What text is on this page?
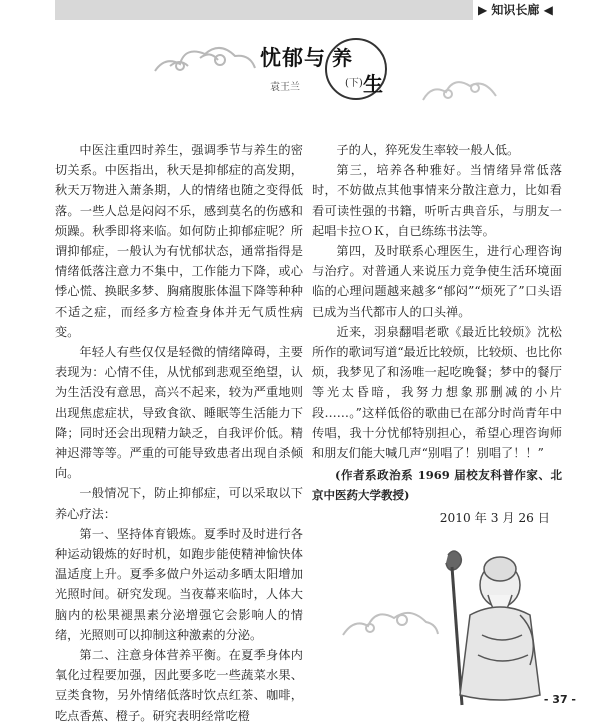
▶ 知识长廊 ◀
忧郁与
袁王兰
养
(下) 生

中医注重四时养生，强调季节与养生的密切关系。中医指出，秋天是抑郁症的高发期，秋天万物进入萧条期，人的情绪也随之变得低落。一些人总是闷闷不乐，感到莫名的伤感和烦躁。秋季即将来临。如何防止抑郁症呢？所谓抑郁症，一般认为有忧郁状态，通常指得是情绪低落注意力不集中，工作能力下降，或心悸心慌、换眠多梦、胸痛腹胀体温下降等种种不适之症，而经多方检查身体并无气质性病变。

年轻人有些仅仅是轻微的情绪障碍，主要表现为：心情不佳，从忧郁到悲观至绝望，认为生活没有意思，高兴不起来，较为严重地则出现焦虑症状，导致食欲、睡眠等生活能力下降；同时还会出现精力缺乏，自我评价低。精神迟滞等等。严重的可能导致患者出现自杀倾向。

一般情况下，防止抑郁症，可以采取以下养心疗法：

第一、坚持体育锻炼。夏季时及时进行各种运动锻炼的好时机，如跑步能使精神愉快体温适度上升。夏季多做户外运动多晒太阳增加光照时间。研究发现。当夜幕来临时，人体大脑内的松果褪黑素分泌增强它会影响人的情绪，光照则可以抑制这种激素的分泌。

第二、注意身体营养平衡。在夏季身体内氧化过程要加强，因此要多吃一些蔬菜水果、豆类食物，另外情绪低落时饮点红茶、咖啡，吃点香蕉、橙子。研究表明经常吃橙

子的人，猝死发生率较一般人低。

第三，培养各种雅好。当情绪异常低落时，不妨做点其他事情来分散注意力，比如看看可读性强的书籍，听听古典音乐，与朋友一起唱卡拉ＯＫ，自已练练书法等。

第四，及时联系心理医生，进行心理咨询与治疗。对普通人来说压力竞争使生活环境面临的心理问题越来越多“郁闷”“烦死了”口头语已成为当代都市人的口头禅。

近来，羽泉翻唱老歌《最近比较烦》沈松所作的歌词写道“最近比较烦，比较烦、也比你烦，我梦见了和汤唯一起吃晚餐；梦中的餐厅等光太昏暗，我努力想象那删减的小片段……。”这样低俗的歌曲已在部分时尚青年中传唱，我十分忧郁特别担心，希望心理咨询师和朋友们能大喊几声“别唱了！别唱了！！”

(作者系政治系 1969 届校友科普作家、北京中医药大学教授)

2010 年 3 月 26 日

- 37 -
